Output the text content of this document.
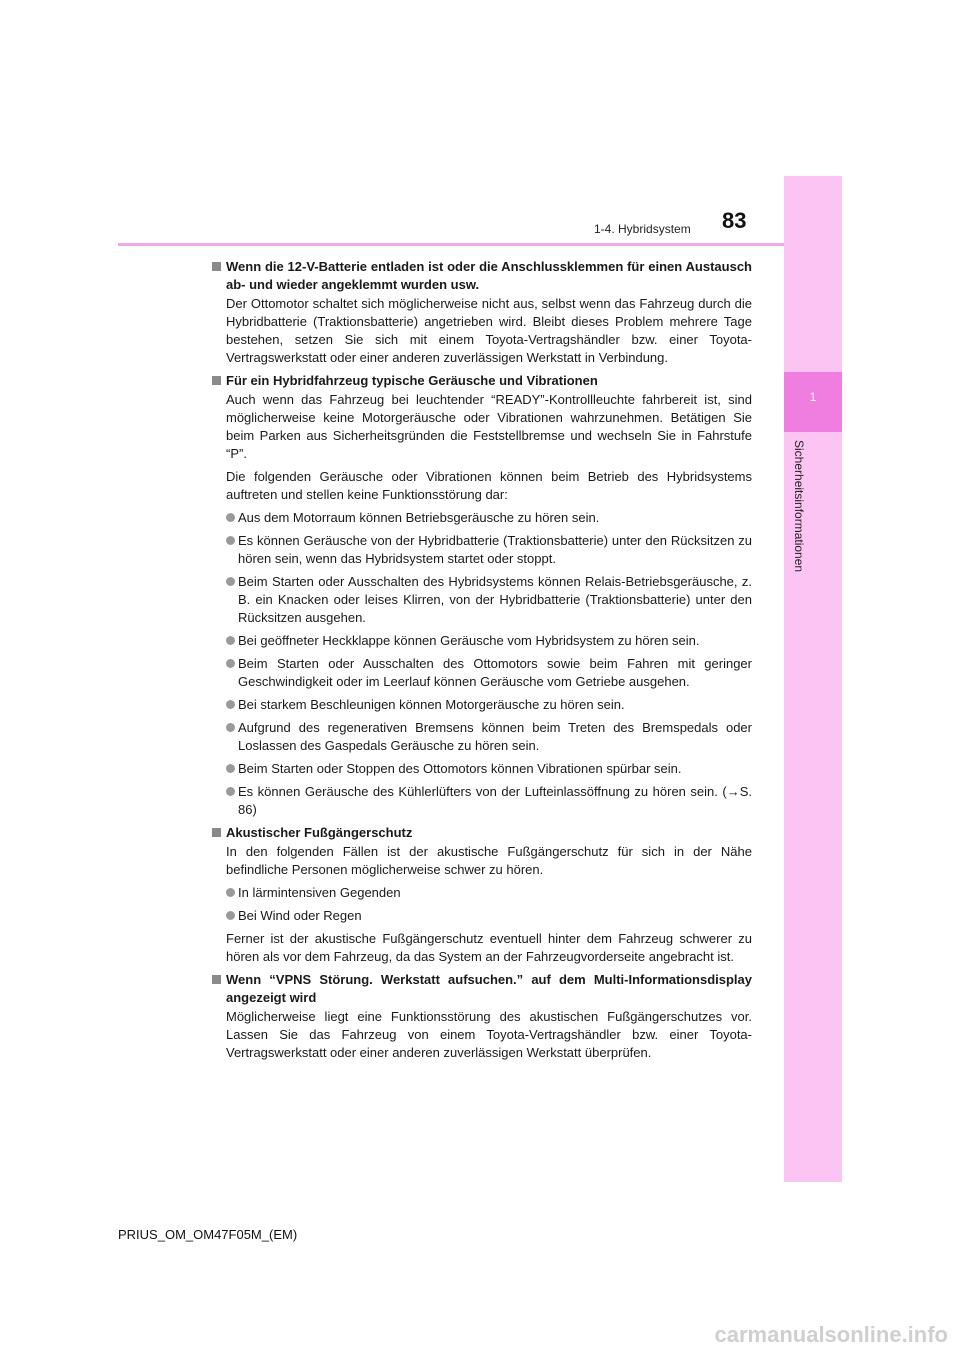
1
Sicherheitsinformationen
1-4. Hybridsystem 83
Wenn die 12-V-Batterie entladen ist oder die Anschlussklemmen für einen Austausch ab- und wieder angeklemmt wurden usw.
Der Ottomotor schaltet sich möglicherweise nicht aus, selbst wenn das Fahrzeug durch die Hybridbatterie (Traktionsbatterie) angetrieben wird. Bleibt dieses Problem mehrere Tage bestehen, setzen Sie sich mit einem Toyota-Vertragshändler bzw. einer Toyota-Vertragswerkstatt oder einer anderen zuverlässigen Werkstatt in Verbindung.
Für ein Hybridfahrzeug typische Geräusche und Vibrationen
Auch wenn das Fahrzeug bei leuchtender “READY”-Kontrollleuchte fahrbereit ist, sind möglicherweise keine Motorgeräusche oder Vibrationen wahrzunehmen. Betätigen Sie beim Parken aus Sicherheitsgründen die Feststellbremse und wechseln Sie in Fahrstufe “P”.
Die folgenden Geräusche oder Vibrationen können beim Betrieb des Hybridsystems auftreten und stellen keine Funktionsstörung dar:
Aus dem Motorraum können Betriebsgeräusche zu hören sein.
Es können Geräusche von der Hybridbatterie (Traktionsbatterie) unter den Rücksitzen zu hören sein, wenn das Hybridsystem startet oder stoppt.
Beim Starten oder Ausschalten des Hybridsystems können Relais-Betriebsgeräusche, z. B. ein Knacken oder leises Klirren, von der Hybridbatterie (Traktionsbatterie) unter den Rücksitzen ausgehen.
Bei geöffneter Heckklappe können Geräusche vom Hybridsystem zu hören sein.
Beim Starten oder Ausschalten des Ottomotors sowie beim Fahren mit geringer Geschwindigkeit oder im Leerlauf können Geräusche vom Getriebe ausgehen.
Bei starkem Beschleunigen können Motorgeräusche zu hören sein.
Aufgrund des regenerativen Bremsens können beim Treten des Bremspedals oder Loslassen des Gaspedals Geräusche zu hören sein.
Beim Starten oder Stoppen des Ottomotors können Vibrationen spürbar sein.
Es können Geräusche des Kühlerlüfters von der Lufteinlassöffnung zu hören sein. (→S. 86)
Akustischer Fußgängerschutz
In den folgenden Fällen ist der akustische Fußgängerschutz für sich in der Nähe befindliche Personen möglicherweise schwer zu hören.
In lärmintensiven Gegenden
Bei Wind oder Regen
Ferner ist der akustische Fußgängerschutz eventuell hinter dem Fahrzeug schwerer zu hören als vor dem Fahrzeug, da das System an der Fahrzeugvorderseite angebracht ist.
Wenn “VPNS Störung. Werkstatt aufsuchen.” auf dem Multi-Informationsdisplay angezeigt wird
Möglicherweise liegt eine Funktionsstörung des akustischen Fußgängerschutzes vor. Lassen Sie das Fahrzeug von einem Toyota-Vertragshändler bzw. einer Toyota-Vertragswerkstatt oder einer anderen zuverlässigen Werkstatt überprüfen.
PRIUS_OM_OM47F05M_(EM)
carmanualsonline.info
